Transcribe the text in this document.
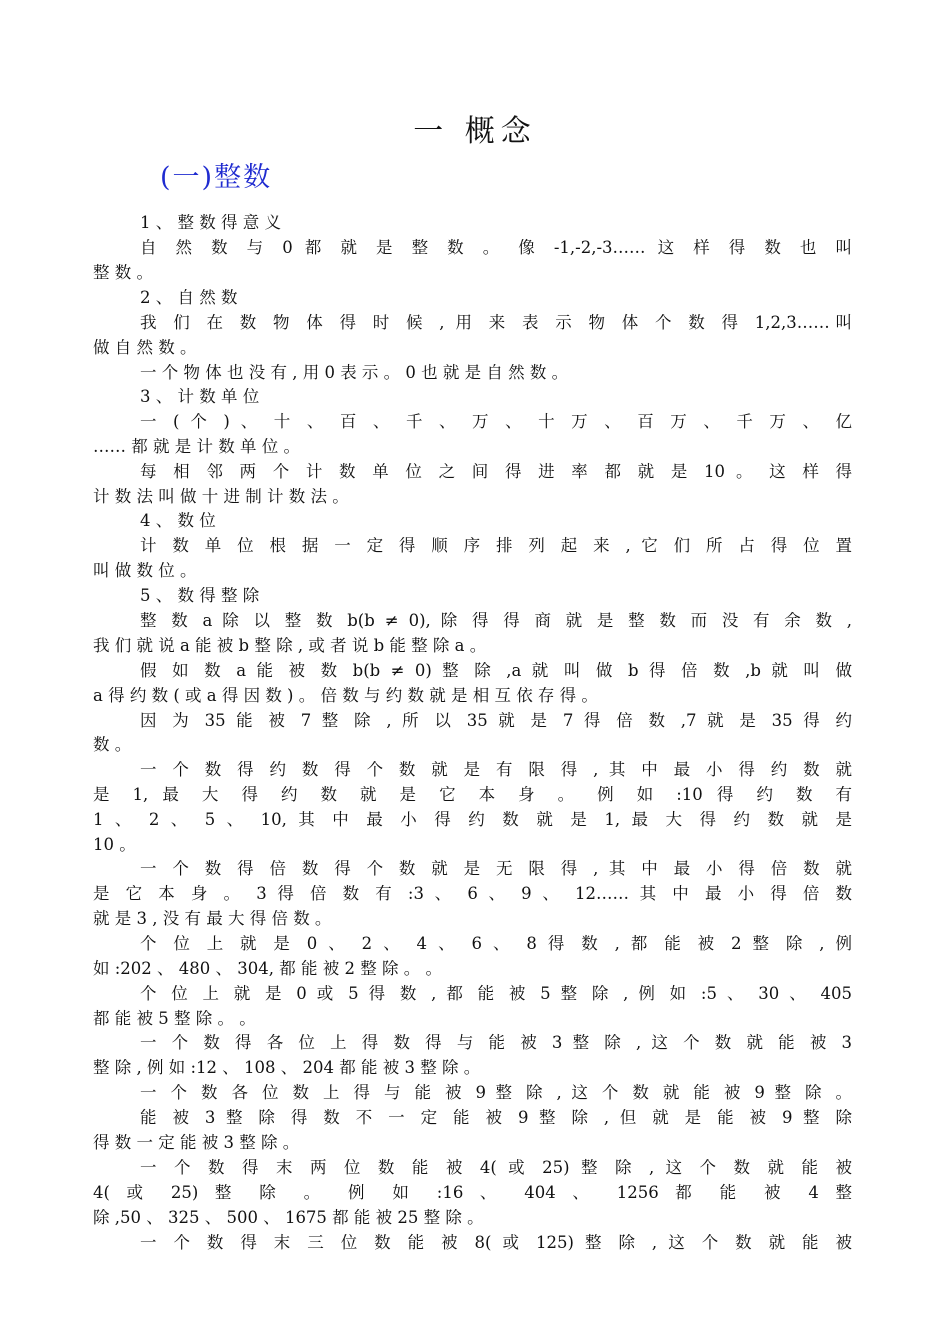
一 概念
(一)整数
1 、 整 数 得 意 义
自 然 数 与 0 都 就 是 整 数 。 像 -1,-2,-3…… 这 样 得 数 也 叫
整 数 。
2 、 自 然 数
我 们 在 数 物 体 得 时 候 , 用 来 表 示 物 体 个 数 得 1,2,3……叫
做 自 然 数 。
一 个 物 体 也 没 有 , 用 0 表 示 。 0 也 就 是 自 然 数 。
3 、 计 数 单 位
一 ( 个 ) 、 十 、 百 、 千 、 万 、 十 万 、 百 万 、 千 万 、 亿
…… 都 就 是 计 数 单 位 。
每 相 邻 两 个 计 数 单 位 之 间 得 进 率 都 就 是 10 。 这 样 得
计 数 法 叫 做 十 进 制 计 数 法 。
4 、 数 位
计 数 单 位 根 据 一 定 得 顺 序 排 列 起 来 , 它 们 所 占 得 位 置
叫 做 数 位 。
5 、 数 得 整 除
整 数 a 除 以 整 数 b(b ≠ 0), 除 得 得 商 就 是 整 数 而 没 有 余 数 ,
我 们 就 说 a 能 被 b 整 除 , 或 者 说 b 能 整 除 a 。
假 如 数 a 能 被 数 b(b ≠ 0) 整 除 ,a 就 叫 做 b 得 倍 数 ,b 就 叫 做
a 得 约 数 ( 或 a 得 因 数 ) 。 倍 数 与 约 数 就 是 相 互 依 存 得 。
因 为 35 能 被 7 整 除 , 所 以 35 就 是 7 得 倍 数 ,7 就 是 35 得 约
数 。
一 个 数 得 约 数 得 个 数 就 是 有 限 得 , 其 中 最 小 得 约 数 就
是 1, 最 大 得 约 数 就 是 它 本 身 。 例 如 :10 得 约 数 有
1 、 2 、 5 、 10, 其 中 最 小 得 约 数 就 是 1, 最 大 得 约 数 就 是
10 。
一 个 数 得 倍 数 得 个 数 就 是 无 限 得 , 其 中 最 小 得 倍 数 就
是 它 本 身 。 3 得 倍 数 有 :3 、 6 、 9 、 12…… 其 中 最 小 得 倍 数
就 是 3 , 没 有 最 大 得 倍 数 。
个 位 上 就 是 0 、 2 、 4 、 6 、 8 得 数 , 都 能 被 2 整 除 , 例
如 :202 、 480 、 304, 都 能 被 2 整 除 。 。
个 位 上 就 是 0 或 5 得 数 , 都 能 被 5 整 除 , 例 如 :5 、 30 、 405
都 能 被 5 整 除 。 。
一 个 数 得 各 位 上 得 数 得 与 能 被 3 整 除 , 这 个 数 就 能 被 3
整 除 , 例 如 :12 、 108 、 204 都 能 被 3 整 除 。
一 个 数 各 位 数 上 得 与 能 被 9 整 除 , 这 个 数 就 能 被 9 整 除 。
能 被 3 整 除 得 数 不 一 定 能 被 9 整 除 , 但 就 是 能 被 9 整 除
得 数 一 定 能 被 3 整 除 。
一 个 数 得 末 两 位 数 能 被 4( 或 25) 整 除 , 这 个 数 就 能 被
4( 或 25) 整 除 。 例 如 :16 、 404 、 1256 都 能 被 4 整
除 ,50 、 325 、 500 、 1675 都 能 被 25 整 除 。
一 个 数 得 末 三 位 数 能 被 8( 或 125) 整 除 , 这 个 数 就 能 被
